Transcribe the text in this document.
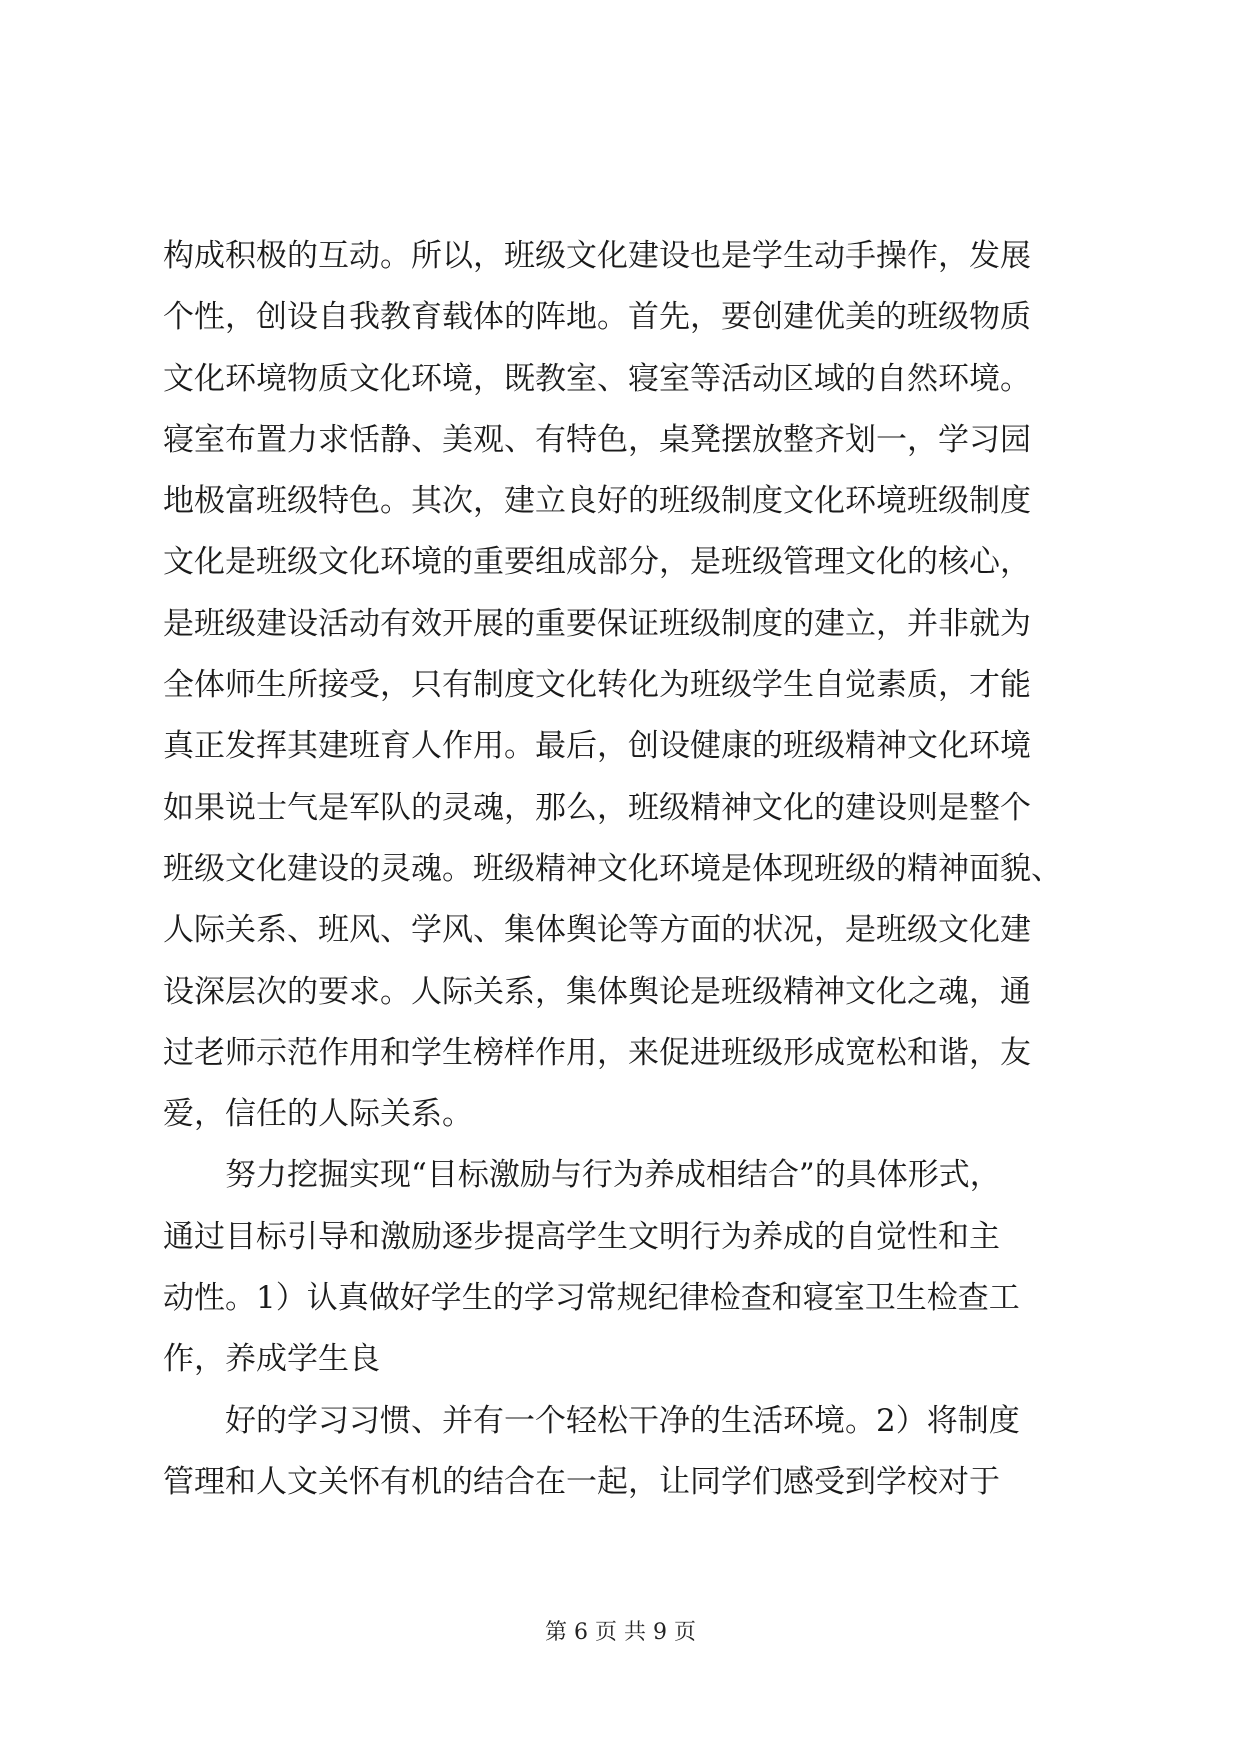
构成积极的互动。所以，班级文化建设也是学生动手操作，发展
个性，创设自我教育载体的阵地。首先，要创建优美的班级物质
文化环境物质文化环境，既教室、寝室等活动区域的自然环境。
寝室布置力求恬静、美观、有特色，桌凳摆放整齐划一，学习园
地极富班级特色。其次，建立良好的班级制度文化环境班级制度
文化是班级文化环境的重要组成部分，是班级管理文化的核心，
是班级建设活动有效开展的重要保证班级制度的建立，并非就为
全体师生所接受，只有制度文化转化为班级学生自觉素质，才能
真正发挥其建班育人作用。最后，创设健康的班级精神文化环境
如果说士气是军队的灵魂，那么，班级精神文化的建设则是整个
班级文化建设的灵魂。班级精神文化环境是体现班级的精神面貌、
人际关系、班风、学风、集体舆论等方面的状况，是班级文化建
设深层次的要求。人际关系，集体舆论是班级精神文化之魂，通
过老师示范作用和学生榜样作用，来促进班级形成宽松和谐，友
爱，信任的人际关系。
努力挖掘实现“目标激励与行为养成相结合”的具体形式，
通过目标引导和激励逐步提高学生文明行为养成的自觉性和主
动性。1）认真做好学生的学习常规纪律检查和寝室卫生检查工
作，养成学生良
好的学习习惯、并有一个轻松干净的生活环境。2）将制度
管理和人文关怀有机的结合在一起，让同学们感受到学校对于
第 6 页 共 9 页
